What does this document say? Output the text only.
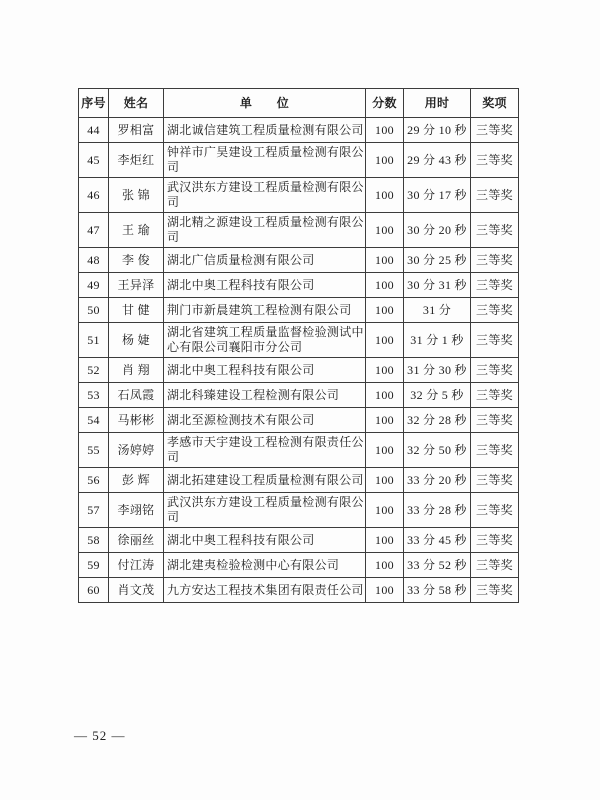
序号	姓名	单　　位	分数	用时	奖项
44	罗相富	湖北诚信建筑工程质量检测有限公司	100	29 分 10 秒	三等奖
45	李炬红	钟祥市广昊建设工程质量检测有限公司	100	29 分 43 秒	三等奖
46	张 锦	武汉洪东方建设工程质量检测有限公司	100	30 分 17 秒	三等奖
47	王 瑜	湖北精之源建设工程质量检测有限公司	100	30 分 20 秒	三等奖
48	李 俊	湖北广信质量检测有限公司	100	30 分 25 秒	三等奖
49	王异泽	湖北中奥工程科技有限公司	100	30 分 31 秒	三等奖
50	甘 健	荆门市新晨建筑工程检测有限公司	100	31 分	三等奖
51	杨 婕	湖北省建筑工程质量监督检验测试中心有限公司襄阳市分公司	100	31 分 1 秒	三等奖
52	肖 翔	湖北中奥工程科技有限公司	100	31 分 30 秒	三等奖
53	石凤霞	湖北科臻建设工程检测有限公司	100	32 分 5 秒	三等奖
54	马彬彬	湖北至源检测技术有限公司	100	32 分 28 秒	三等奖
55	汤婷婷	孝感市天宇建设工程检测有限责任公司	100	32 分 50 秒	三等奖
56	彭 辉	湖北拓建建设工程质量检测有限公司	100	33 分 20 秒	三等奖
57	李翊铭	武汉洪东方建设工程质量检测有限公司	100	33 分 28 秒	三等奖
58	徐丽丝	湖北中奥工程科技有限公司	100	33 分 45 秒	三等奖
59	付江涛	湖北建夷检验检测中心有限公司	100	33 分 52 秒	三等奖
60	肖文茂	九方安达工程技术集团有限责任公司	100	33 分 58 秒	三等奖
— 52 —
